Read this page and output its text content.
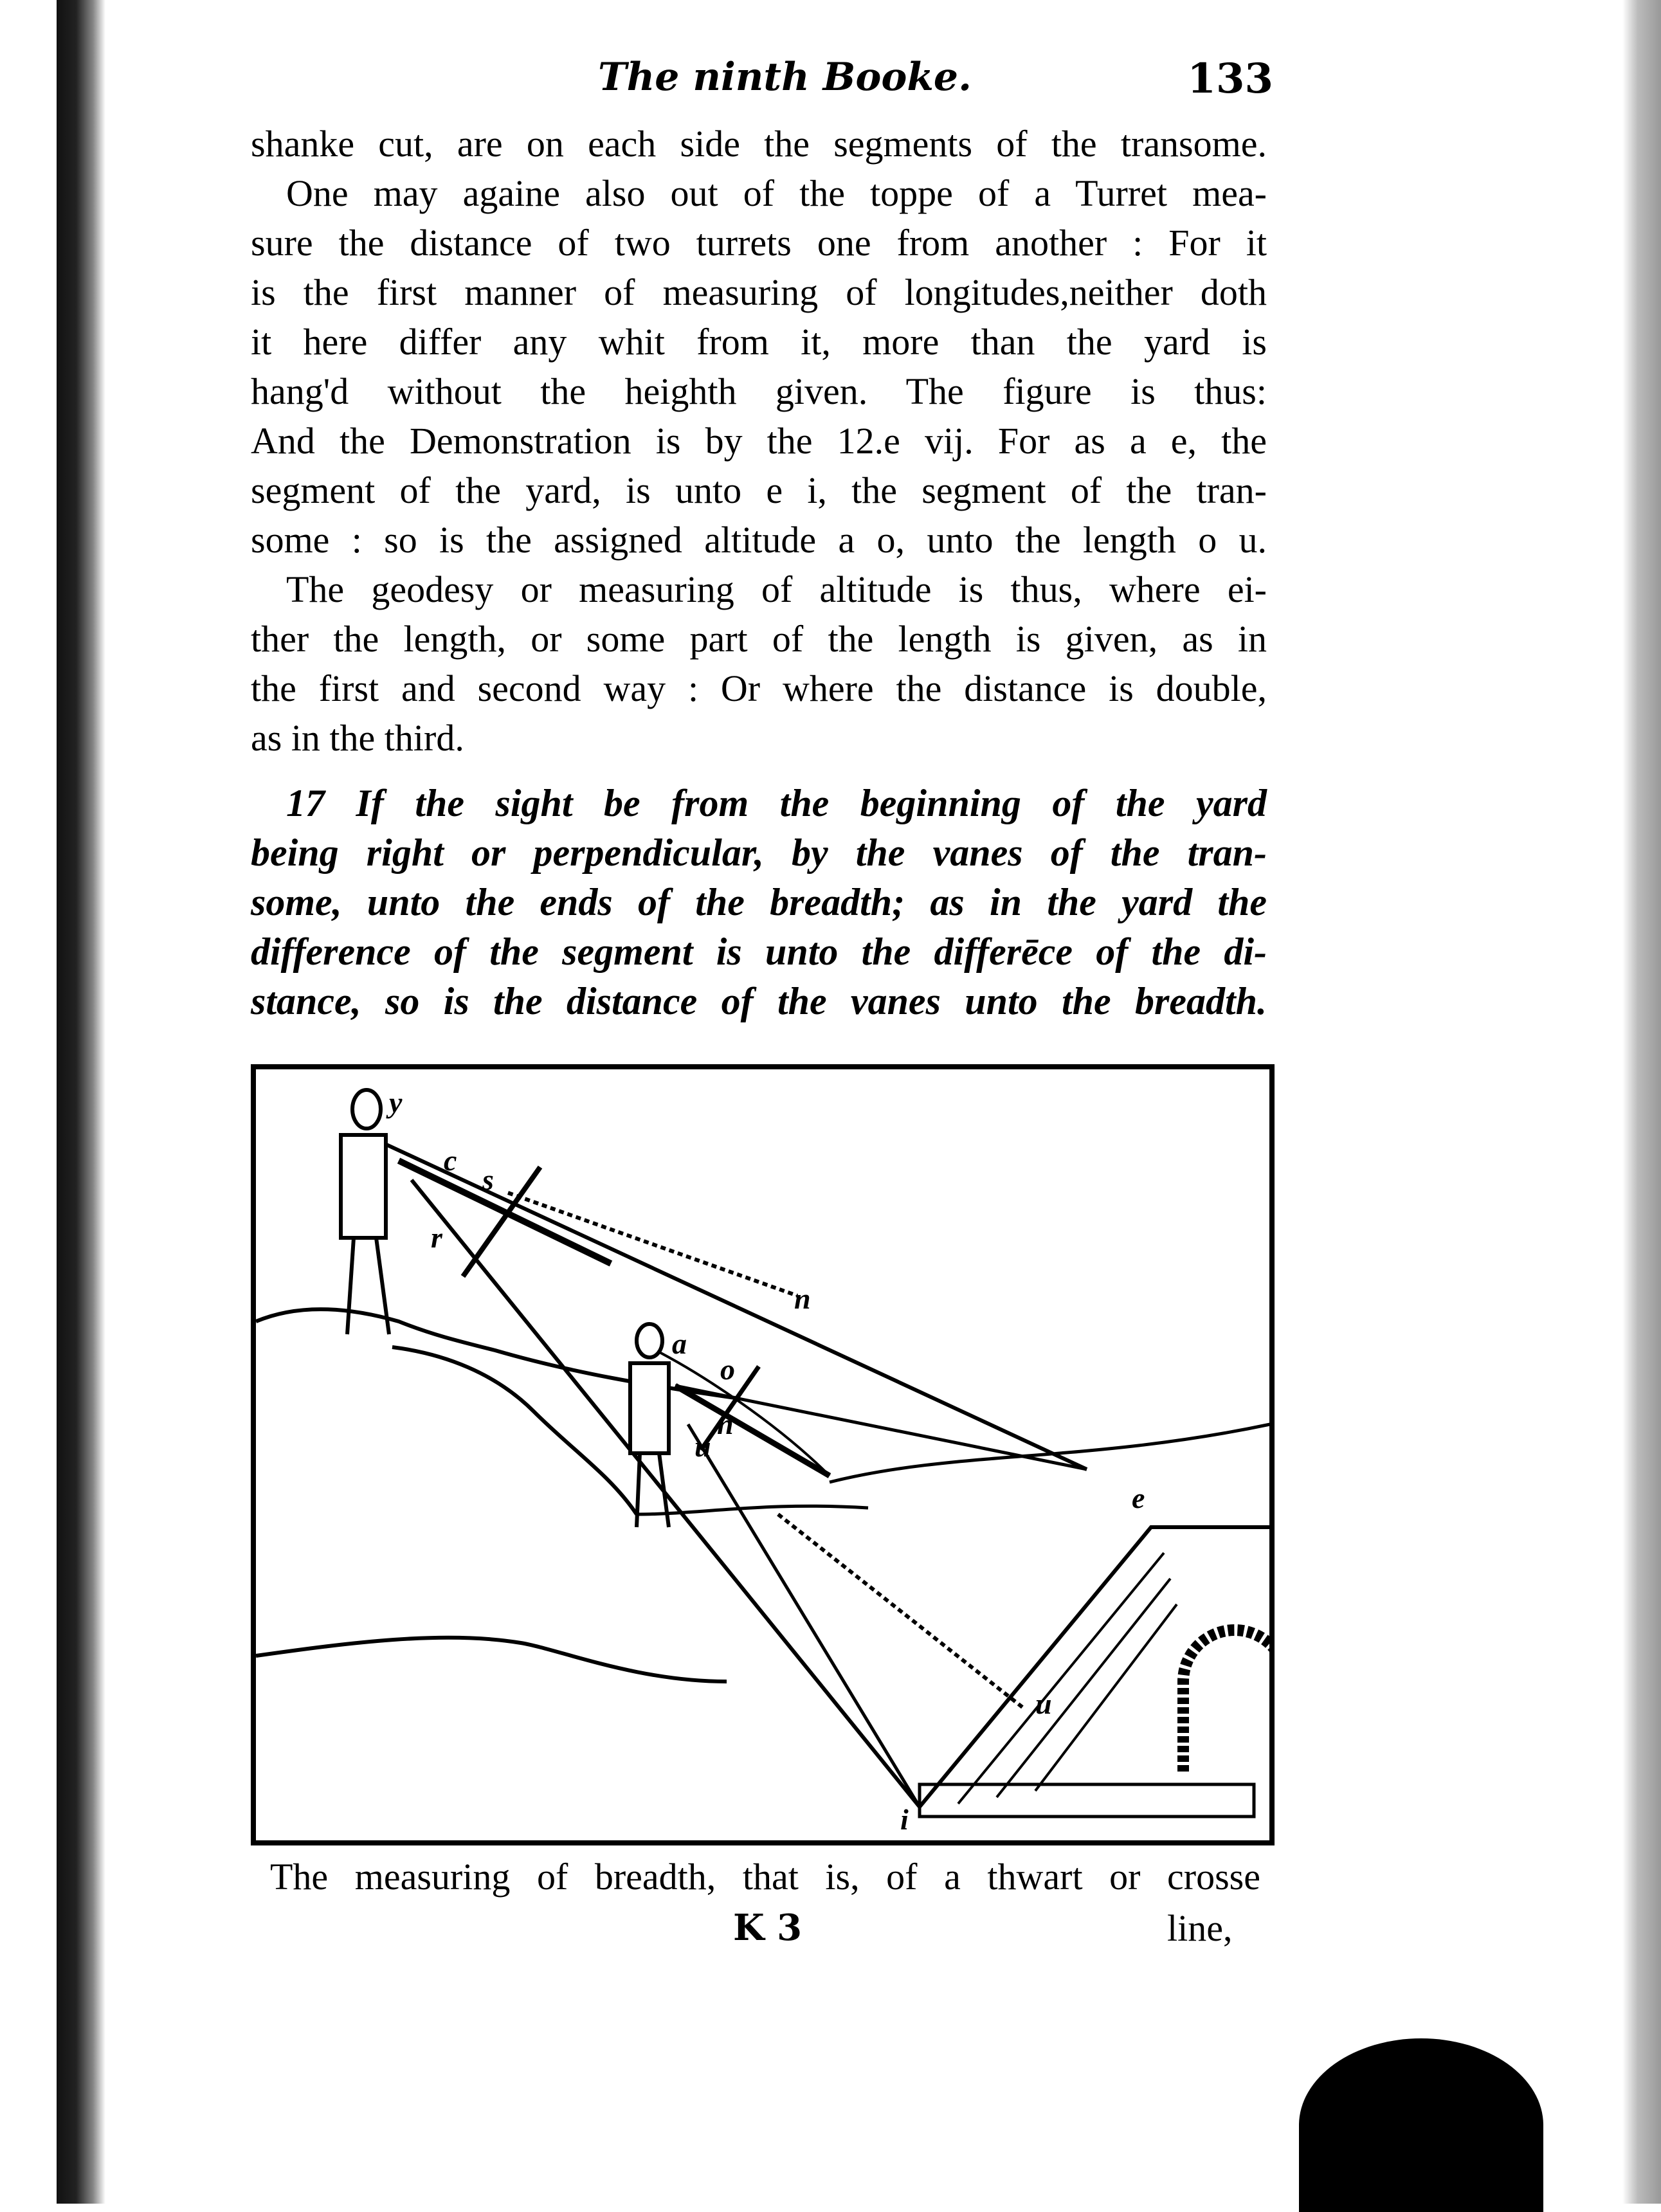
The ninth Booke.	133
shanke cut, are on each side the segments of the transome.
One may againe also out of the toppe of a Turret mea-
sure the distance of two turrets one from another : For it
is the first manner of measuring of longitudes,neither doth
it here differ any whit from it, more than the yard is
hang'd without the heighth given. The figure is thus:
And the Demonstration is by the 12.e vij. For as a e, the
segment of the yard, is unto e i, the segment of the tran-
some : so is the assigned altitude a o, unto the length o u.
The geodesy or measuring of altitude is thus, where ei-
ther the length, or some part of the length is given, as in
the first and second way : Or where the distance is double,
as in the third.
17 If the sight be from the beginning of the yard
being right or perpendicular, by the vanes of the tran-
some, unto the ends of the breadth; as in the yard the
difference of the segment is unto the differēce of the di-
stance, so is the distance of the vanes unto the breadth.
y
c
s
r
n
a
o
n
u
e
u
i
The measuring of breadth, that is, of a thwart or crosse
K 3	line,
